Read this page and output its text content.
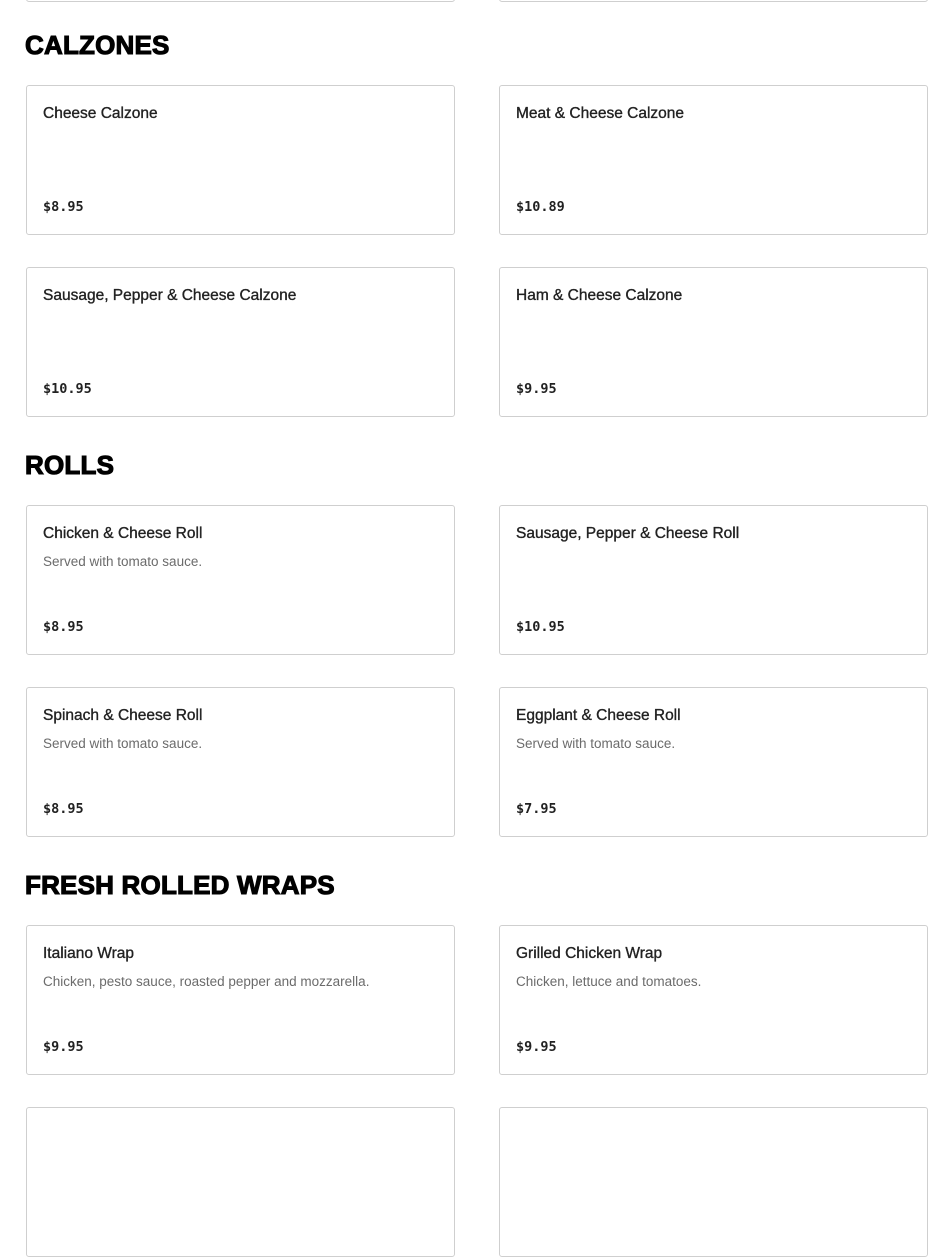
CALZONES
Cheese Calzone
$8.95
Meat & Cheese Calzone
$10.89
Sausage, Pepper & Cheese Calzone
$10.95
Ham & Cheese Calzone
$9.95
ROLLS
Chicken & Cheese Roll
Served with tomato sauce.
$8.95
Sausage, Pepper & Cheese Roll
$10.95
Spinach & Cheese Roll
Served with tomato sauce.
$8.95
Eggplant & Cheese Roll
Served with tomato sauce.
$7.95
FRESH ROLLED WRAPS
Italiano Wrap
Chicken, pesto sauce, roasted pepper and mozzarella.
$9.95
Grilled Chicken Wrap
Chicken, lettuce and tomatoes.
$9.95
